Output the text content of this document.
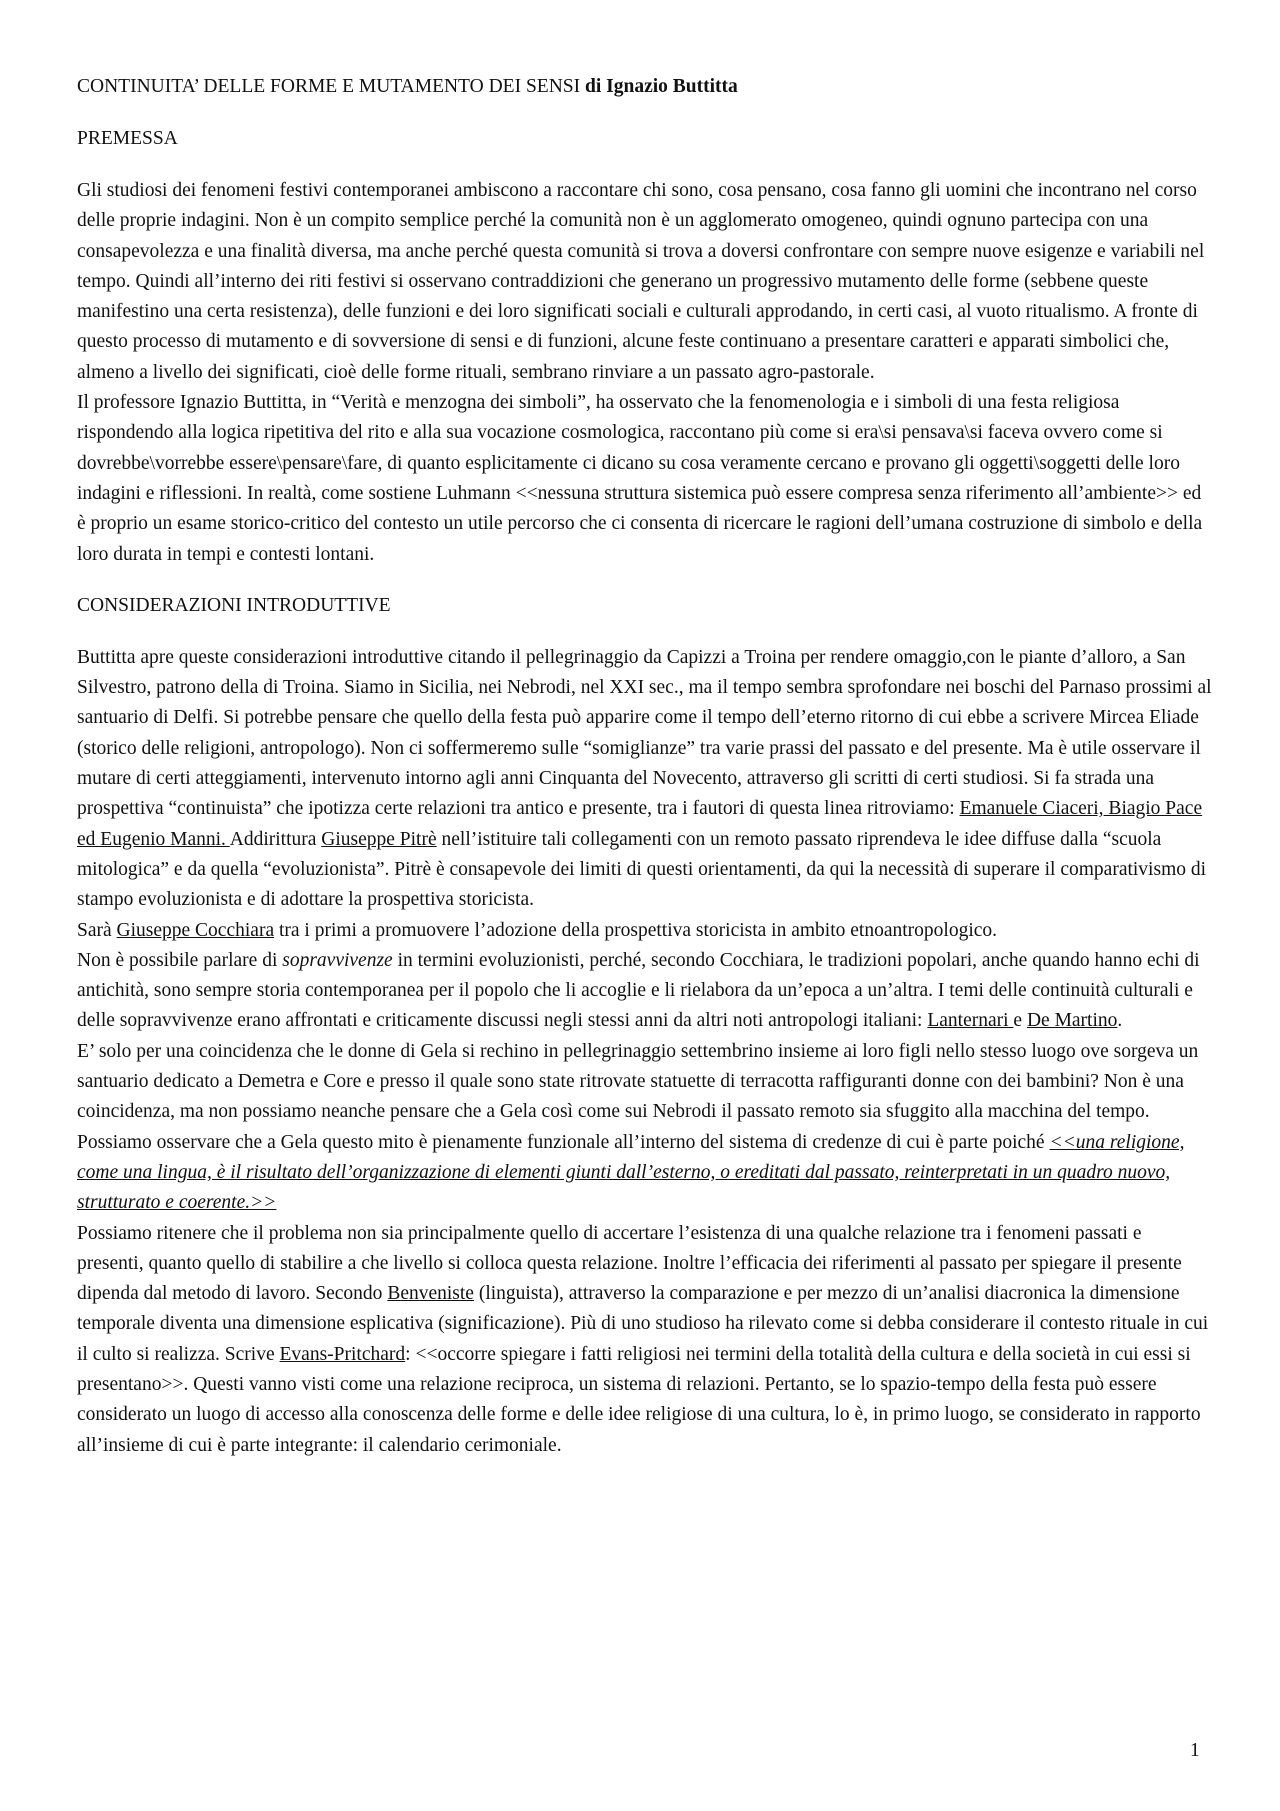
CONTINUITA’ DELLE FORME E MUTAMENTO DEI SENSI di Ignazio Buttitta

PREMESSA

Gli studiosi dei fenomeni festivi contemporanei ambiscono a raccontare chi sono, cosa pensano, cosa fanno gli uomini che incontrano nel corso delle proprie indagini. Non è un compito semplice perché la comunità non è un agglomerato omogeneo, quindi ognuno partecipa con una consapevolezza e una finalità diversa, ma anche perché questa comunità si trova a doversi confrontare con sempre nuove esigenze e variabili nel tempo. Quindi all’interno dei riti festivi si osservano contraddizioni che generano un progressivo mutamento delle forme (sebbene queste manifestino una certa resistenza), delle funzioni e dei loro significati sociali e culturali approdando, in certi casi, al vuoto ritualismo. A fronte di questo processo di mutamento e di sovversione di sensi e di funzioni, alcune feste continuano a presentare caratteri e apparati simbolici che, almeno a livello dei significati, cioè delle forme rituali, sembrano rinviare a un passato agro-pastorale.

Il professore Ignazio Buttitta, in “Verità e menzogna dei simboli”, ha osservato che la fenomenologia e i simboli di una festa religiosa rispondendo alla logica ripetitiva del rito e alla sua vocazione cosmologica, raccontano più come si era\si pensava\si faceva ovvero come si dovrebbe\vorrebbe essere\pensare\fare, di quanto esplicitamente ci dicano su cosa veramente cercano e provano gli oggetti\soggetti delle loro indagini e riflessioni. In realtà, come sostiene Luhmann <<nessuna struttura sistemica può essere compresa senza riferimento all’ambiente>> ed è proprio un esame storico-critico del contesto un utile percorso che ci consenta di ricercare le ragioni dell’umana costruzione di simbolo e della loro durata in tempi e contesti lontani.

CONSIDERAZIONI INTRODUTTIVE

Buttitta apre queste considerazioni introduttive citando il pellegrinaggio da Capizzi a Troina per rendere omaggio,con le piante d’alloro, a San Silvestro, patrono della di Troina. Siamo in Sicilia, nei Nebrodi, nel XXI sec., ma il tempo sembra sprofondare nei boschi del Parnaso prossimi al santuario di Delfi. Si potrebbe pensare che quello della festa può apparire come il tempo dell’eterno ritorno di cui ebbe a scrivere Mircea Eliade (storico delle religioni, antropologo). Non ci soffermeremo sulle “somiglianze” tra varie prassi del passato e del presente. Ma è utile osservare il mutare di certi atteggiamenti, intervenuto intorno agli anni Cinquanta del Novecento, attraverso gli scritti di certi studiosi. Si fa strada una prospettiva “continuista” che ipotizza certe relazioni tra antico e presente, tra i fautori di questa linea ritroviamo: Emanuele Ciaceri, Biagio Pace ed Eugenio Manni. Addirittura Giuseppe Pitrè nell’istituire tali collegamenti con un remoto passato riprendeva le idee diffuse dalla “scuola mitologica” e da quella “evoluzionista”. Pitrè è consapevole dei limiti di questi orientamenti, da qui la necessità di superare il comparativismo di stampo evoluzionista e di adottare la prospettiva storicista.

Sarà Giuseppe Cocchiara tra i primi a promuovere l’adozione della prospettiva storicista in ambito etnoantropologico.

Non è possibile parlare di sopravvivenze in termini evoluzionisti, perché, secondo Cocchiara, le tradizioni popolari, anche quando hanno echi di antichità, sono sempre storia contemporanea per il popolo che li accoglie e li rielabora da un’epoca a un’altra. I temi delle continuità culturali e delle sopravvivenze erano affrontati e criticamente discussi negli stessi anni da altri noti antropologi italiani: Lanternari e De Martino.

E’ solo per una coincidenza che le donne di Gela si rechino in pellegrinaggio settembrino insieme ai loro figli nello stesso luogo ove sorgeva un santuario dedicato a Demetra e Core e presso il quale sono state ritrovate statuette di terracotta raffiguranti donne con dei bambini? Non è una coincidenza, ma non possiamo neanche pensare che a Gela così come sui Nebrodi il passato remoto sia sfuggito alla macchina del tempo. Possiamo osservare che a Gela questo mito è pienamente funzionale all’interno del sistema di credenze di cui è parte poiché <<una religione, come una lingua, è il risultato dell’organizzazione di elementi giunti dall’esterno, o ereditati dal passato, reinterpretati in un quadro nuovo, strutturato e coerente.>>

Possiamo ritenere che il problema non sia principalmente quello di accertare l’esistenza di una qualche relazione tra i fenomeni passati e presenti, quanto quello di stabilire a che livello si colloca questa relazione. Inoltre l’efficacia dei riferimenti al passato per spiegare il presente dipenda dal metodo di lavoro. Secondo Benveniste (linguista), attraverso la comparazione e per mezzo di un’analisi diacronica la dimensione temporale diventa una dimensione esplicativa (significazione). Più di uno studioso ha rilevato come si debba considerare il contesto rituale in cui il culto si realizza. Scrive Evans-Pritchard: <<occorre spiegare i fatti religiosi nei termini della totalità della cultura e della società in cui essi si presentano>>. Questi vanno visti come una relazione reciproca, un sistema di relazioni. Pertanto, se lo spazio-tempo della festa può essere considerato un luogo di accesso alla conoscenza delle forme e delle idee religiose di una cultura, lo è, in primo luogo, se considerato in rapporto all’insieme di cui è parte integrante: il calendario cerimoniale.

1
